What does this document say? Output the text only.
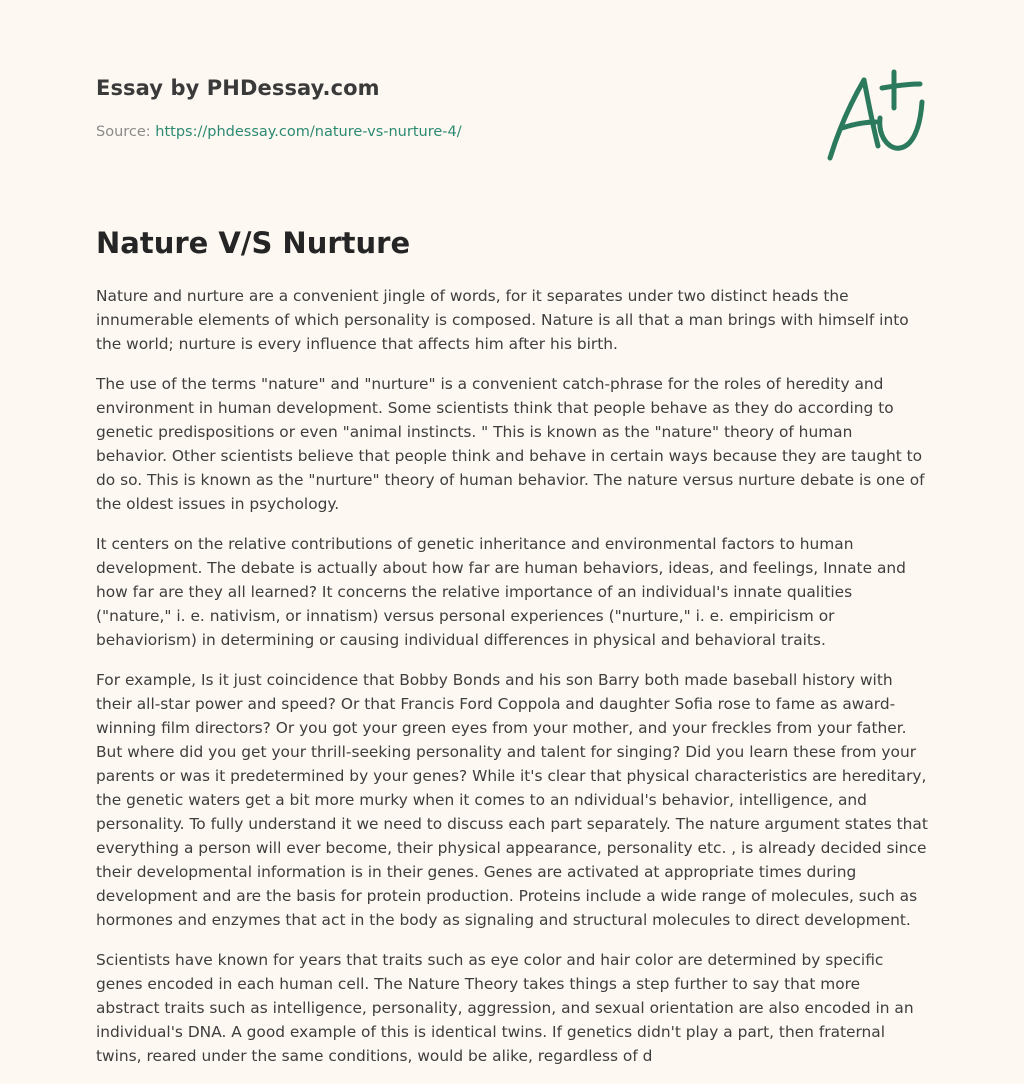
Essay by PHDessay.com
Source: https://phdessay.com/nature-vs-nurture-4/
Nature V/S Nurture

Nature and nurture are a convenient jingle of words, for it separates under two distinct heads the innumerable elements of which personality is composed. Nature is all that a man brings with himself into the world; nurture is every influence that affects him after his birth.

The use of the terms "nature" and "nurture" is a convenient catch-phrase for the roles of heredity and environment in human development. Some scientists think that people behave as they do according to genetic predispositions or even "animal instincts. " This is known as the "nature" theory of human behavior. Other scientists believe that people think and behave in certain ways because they are taught to do so. This is known as the "nurture" theory of human behavior. The nature versus nurture debate is one of the oldest issues in psychology.

It centers on the relative contributions of genetic inheritance and environmental factors to human development. The debate is actually about how far are human behaviors, ideas, and feelings, Innate and how far are they all learned? It concerns the relative importance of an individual's innate qualities ("nature," i. e. nativism, or innatism) versus personal experiences ("nurture," i. e. empiricism or behaviorism) in determining or causing individual differences in physical and behavioral traits.

For example, Is it just coincidence that Bobby Bonds and his son Barry both made baseball history with their all-star power and speed? Or that Francis Ford Coppola and daughter Sofia rose to fame as award-winning film directors? Or you got your green eyes from your mother, and your freckles from your father. But where did you get your thrill-seeking personality and talent for singing? Did you learn these from your parents or was it predetermined by your genes? While it's clear that physical characteristics are hereditary, the genetic waters get a bit more murky when it comes to an ndividual's behavior, intelligence, and personality. To fully understand it we need to discuss each part separately. The nature argument states that everything a person will ever become, their physical appearance, personality etc. , is already decided since their developmental information is in their genes. Genes are activated at appropriate times during development and are the basis for protein production. Proteins include a wide range of molecules, such as hormones and enzymes that act in the body as signaling and structural molecules to direct development.

Scientists have known for years that traits such as eye color and hair color are determined by specific genes encoded in each human cell. The Nature Theory takes things a step further to say that more abstract traits such as intelligence, personality, aggression, and sexual orientation are also encoded in an individual's DNA. A good example of this is identical twins. If genetics didn't play a part, then fraternal twins, reared under the same conditions, would be alike, regardless of d
